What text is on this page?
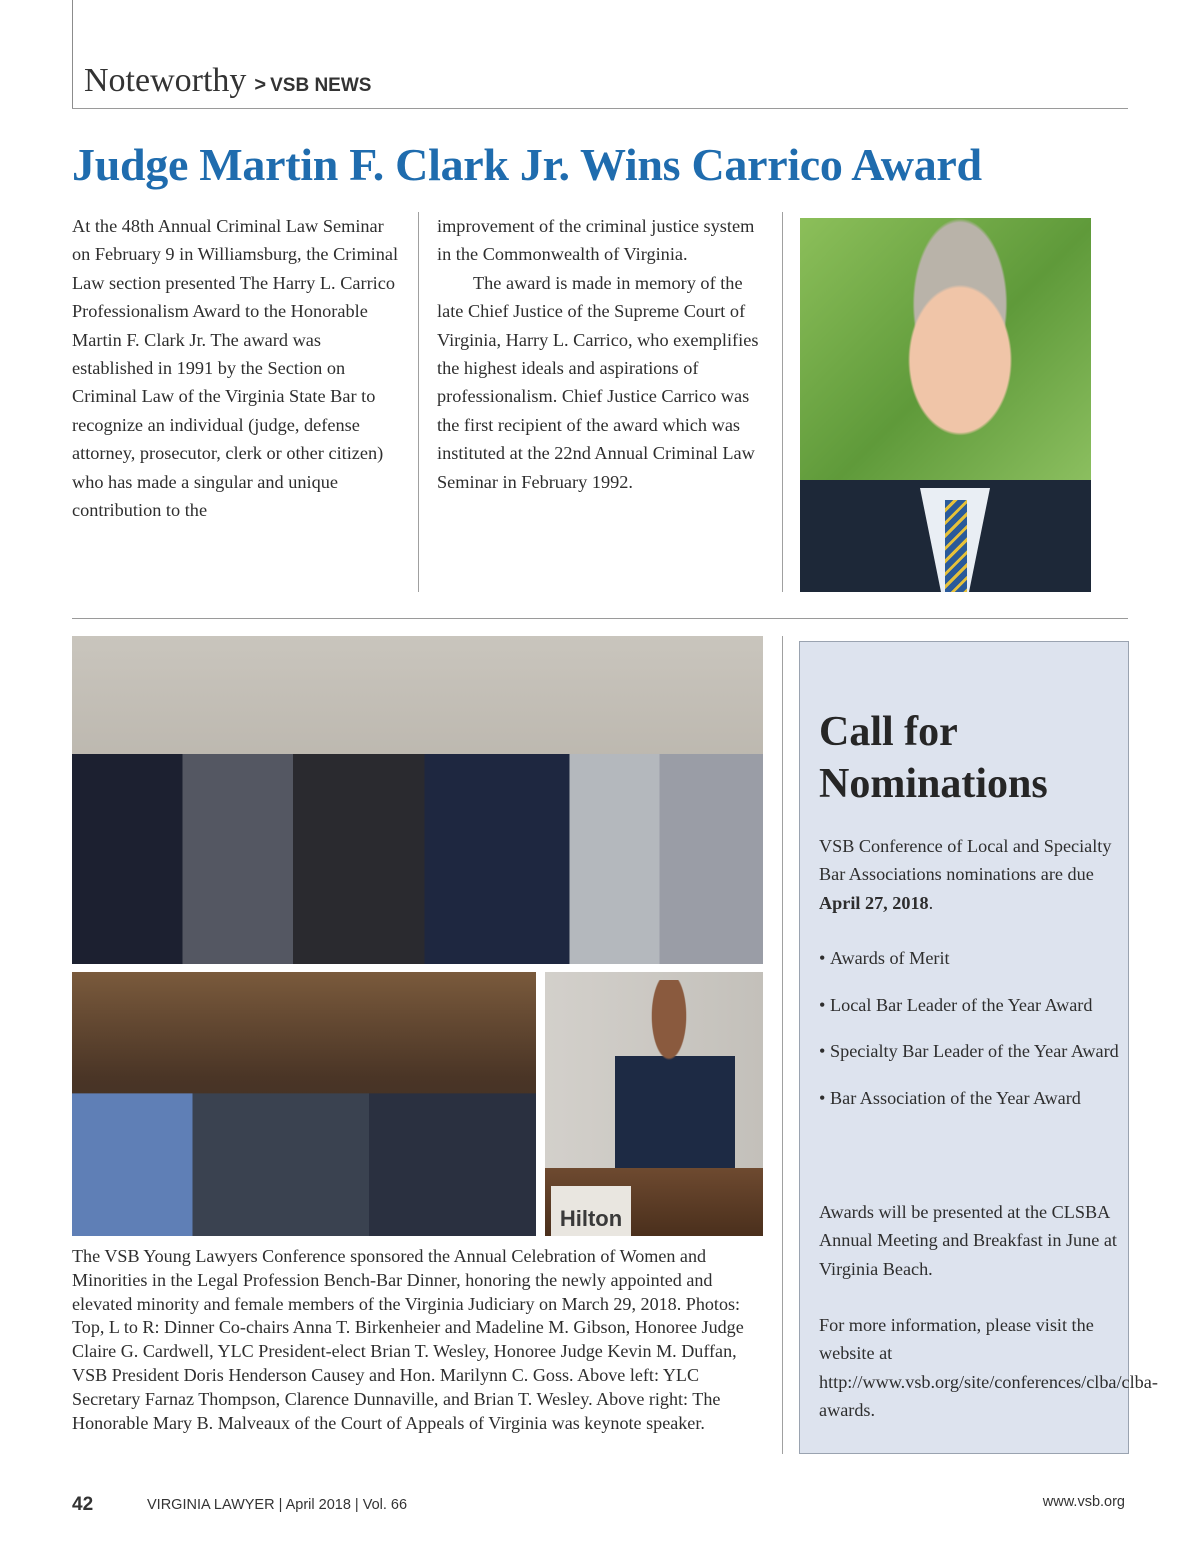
Noteworthy > VSB NEWS
Judge Martin F. Clark Jr. Wins Carrico Award

At the 48th Annual Criminal Law Seminar on February 9 in Williamsburg, the Criminal Law section presented The Harry L. Carrico Professionalism Award to the Honorable Martin F. Clark Jr. The award was established in 1991 by the Section on Criminal Law of the Virginia State Bar to recognize an individual (judge, defense attorney, prosecutor, clerk or other citizen) who has made a singular and unique contribution to the

improvement of the criminal justice system in the Commonwealth of Virginia.

The award is made in memory of the late Chief Justice of the Supreme Court of Virginia, Harry L. Carrico, who exemplifies the highest ideals and aspirations of professionalism. Chief Justice Carrico was the first recipient of the award which was instituted at the 22nd Annual Criminal Law Seminar in February 1992.

Hilton

The VSB Young Lawyers Conference sponsored the Annual Celebration of Women and Minorities in the Legal Profession Bench-Bar Dinner, honoring the newly appointed and elevated minority and female members of the Virginia Judiciary on March 29, 2018. Photos: Top, L to R: Dinner Co-chairs Anna T. Birkenheier and Madeline M. Gibson, Honoree Judge Claire G. Cardwell, YLC President-elect Brian T. Wesley, Honoree Judge Kevin M. Duffan, VSB President Doris Henderson Causey and Hon. Marilynn C. Goss. Above left: YLC Secretary Farnaz Thompson, Clarence Dunnaville, and Brian T. Wesley. Above right: The Honorable Mary B. Malveaux of the Court of Appeals of Virginia was keynote speaker.

Call for
Nominations

VSB Conference of Local and Specialty Bar Associations nominations are due April 27, 2018.

• Awards of Merit
• Local Bar Leader of the Year Award
• Specialty Bar Leader of the Year Award
• Bar Association of the Year Award

Awards will be presented at the CLSBA Annual Meeting and Breakfast in June at Virginia Beach.

For more information, please visit the website at http://www.vsb.org/site/conferences/clba/clba-awards.

42	VIRGINIA LAWYER | April 2018 | Vol. 66	www.vsb.org
